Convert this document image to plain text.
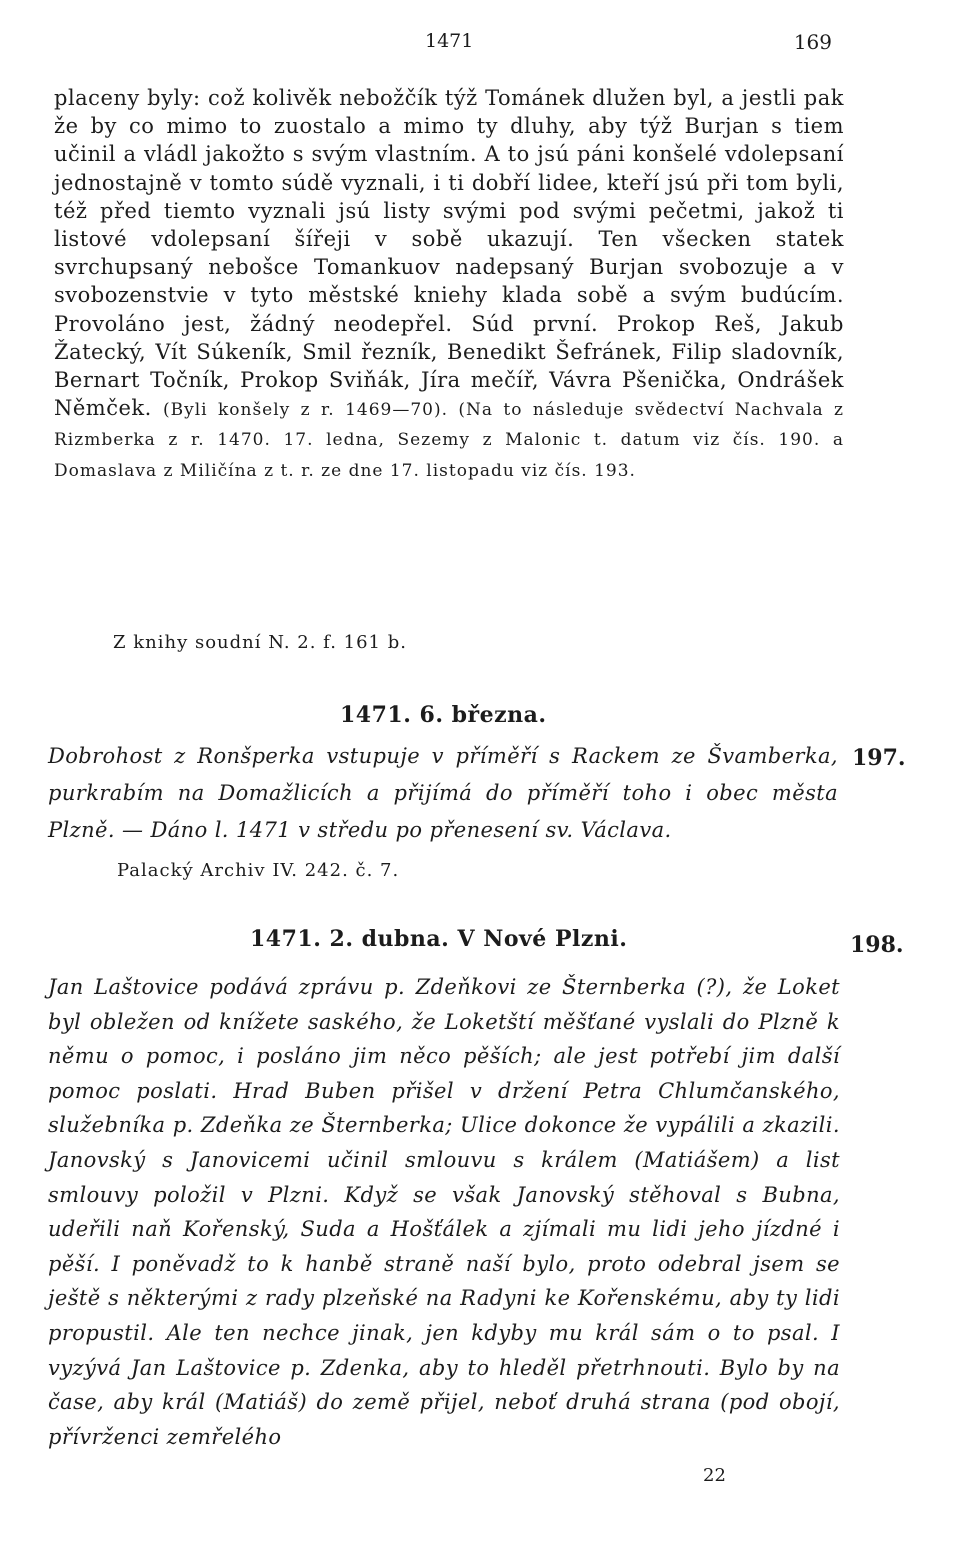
1471	169

placeny byly: což kolivěk nebožčík týž Tománek dlužen byl, a jestli pak že by co mimo to zuostalo a mimo ty dluhy, aby týž Burjan s tiem učinil a vládl jakožto s svým vlastním. A to jsú páni konšelé vdolepsaní jednostajně v tomto súdě vyznali, i ti dobří lidee, kteří jsú při tom byli, též před tiemto vyznali jsú listy svými pod svými pečetmi, jakož ti listové vdolepsaní šířeji v sobě ukazují. Ten všecken statek svrchupsaný nebošce Tomankuov nadepsaný Burjan svobozuje a v svobozenstvie v tyto městské kniehy klada sobě a svým budúcím. Provoláno jest, žádný neodepřel. Súd první. Prokop Reš, Jakub Žatecký, Vít Súkeník, Smil řezník, Benedikt Šefránek, Filip sladovník, Bernart Točník, Prokop Sviňák, Jíra mečíř, Vávra Pšenička, Ondrášek Němček. (Byli konšely z r. 1469—70). (Na to následuje svědectví Nachvala z Rizmberka z r. 1470. 17. ledna, Sezemy z Malonic t. datum viz čís. 190. a Domaslava z Miličína z t. r. ze dne 17. listopadu viz čís. 193.

Z knihy soudní N. 2. f. 161 b.
1471. 6. března.
197.

Dobrohost z Ronšperka vstupuje v příměří s Rackem ze Švamberka, purkrabím na Domažlicích a přijímá do příměří toho i obec města Plzně. — Dáno l. 1471 v středu po přenesení sv. Václava.

Palacký Archiv IV. 242. č. 7.
1471. 2. dubna. V Nové Plzni.	198.

Jan Laštovice podává zprávu p. Zdeňkovi ze Šternberka (?), že Loket byl obležen od knížete saského, že Loketští měšťané vyslali do Plzně k němu o pomoc, i posláno jim něco pěších; ale jest potřebí jim další pomoc poslati. Hrad Buben přišel v držení Petra Chlumčanského, služebníka p. Zdeňka ze Šternberka; Ulice dokonce že vypálili a zkazili. Janovský s Janovicemi učinil smlouvu s králem (Matiášem) a list smlouvy položil v Plzni. Když se však Janovský stěhoval s Bubna, udeřili naň Kořenský, Suda a Hošťálek a zjímali mu lidi jeho jízdné i pěší. I poněvadž to k hanbě straně naší bylo, proto odebral jsem se ještě s některými z rady plzeňské na Radyni ke Kořenskému, aby ty lidi propustil. Ale ten nechce jinak, jen kdyby mu král sám o to psal. I vyzývá Jan Laštovice p. Zdenka, aby to hleděl přetrhnouti. Bylo by na čase, aby král (Matiáš) do země přijel, neboť druhá strana (pod obojí, přívrženci zemřelého

22
